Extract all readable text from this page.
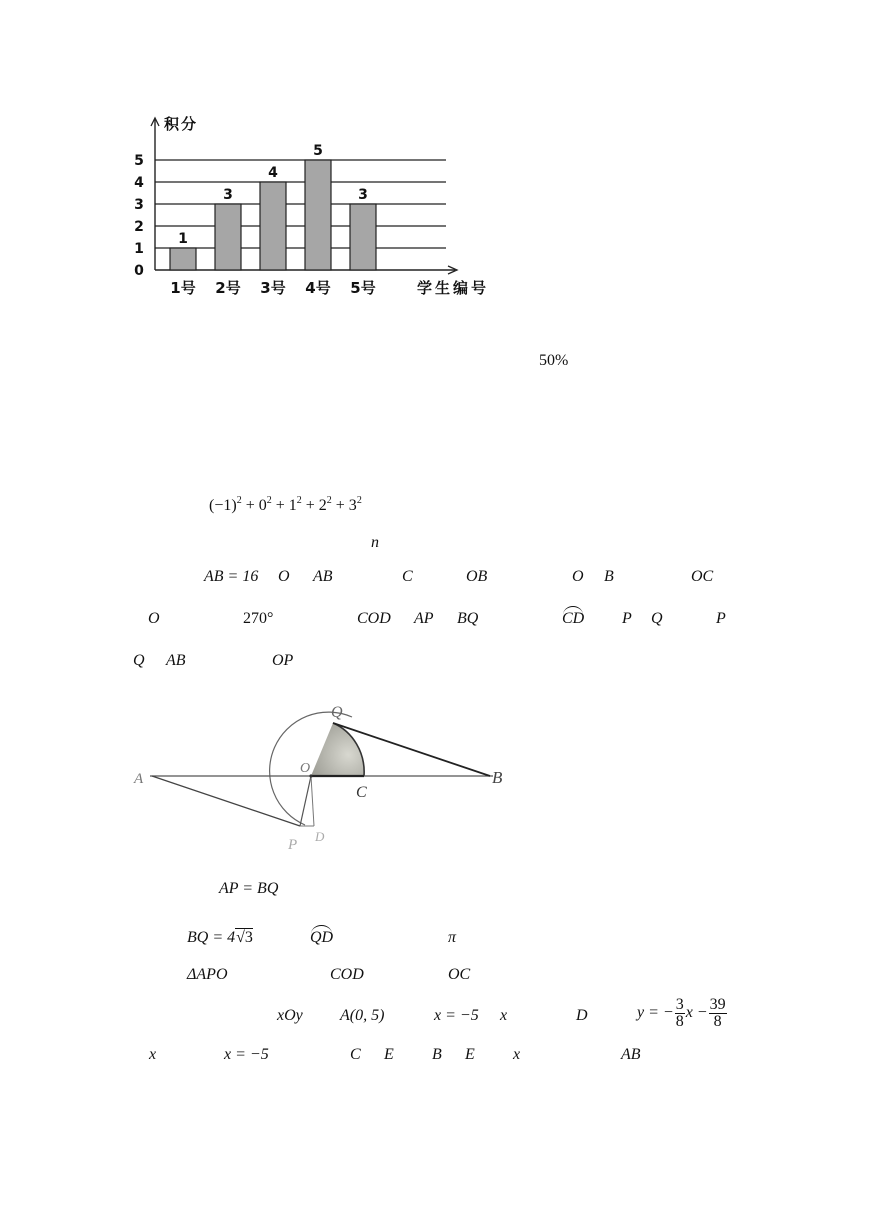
0
1
2
3
4
5
积分
学生编号
1
1号
3
2号
4
3号
5
4号
3
5号
50%
$(-1)^2 + 0^2 + 1^2 + 2^2 + 3^2$
n
AB = 16 O AB	C	OB	O B	OC
O	270°	COD AP BQ	CD P Q	P
Q AB	OP
A
O
C
B
Q
P
D
AP = BQ
BQ = 4√3	QD	π
ΔAPO	COD	OC
xOy A(0, 5)	x = −5 x	D	y = − $\frac{3}{8}$ $x - \frac{39}{8}$
x	x = −5	C E B E x	AB
